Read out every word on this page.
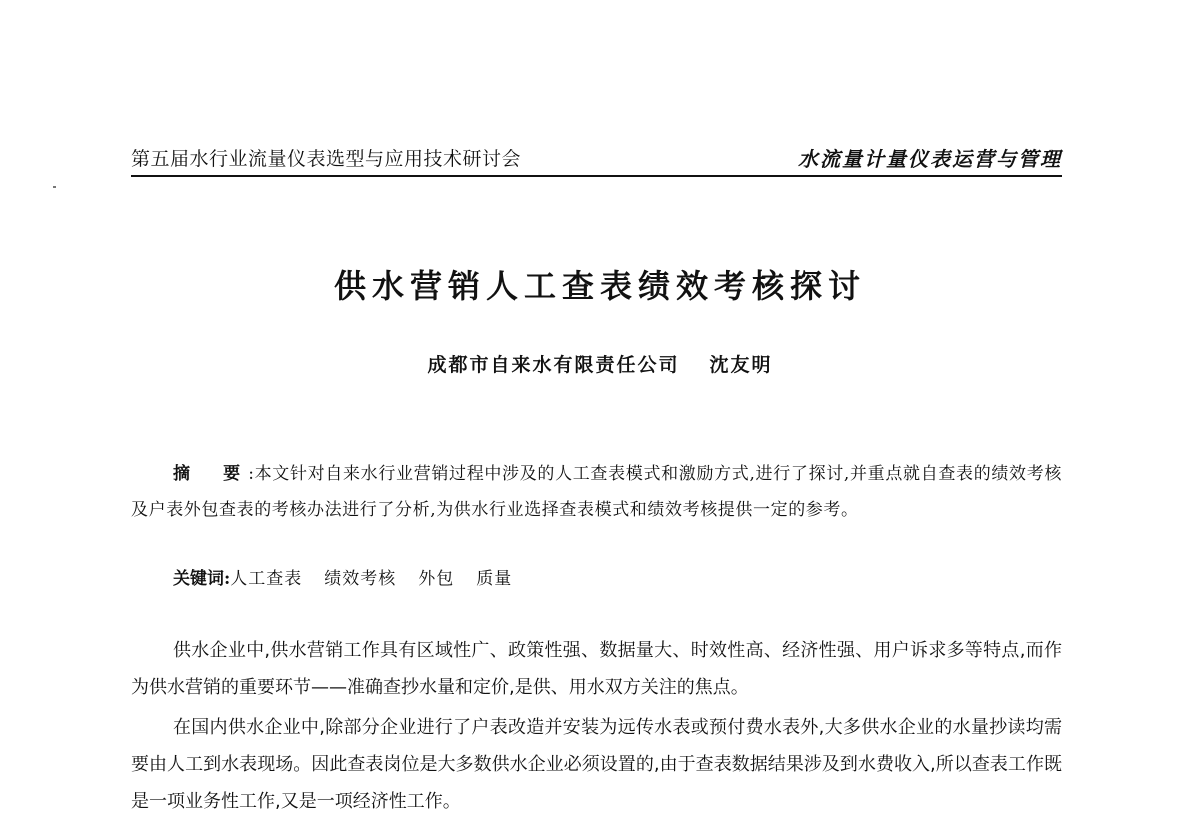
第五届水行业流量仪表选型与应用技术研讨会	水流量计量仪表运营与管理
供水营销人工查表绩效考核探讨
成都市自来水有限责任公司 沈友明
摘　要:本文针对自来水行业营销过程中涉及的人工查表模式和激励方式,进行了探讨,并重点就自查表的绩效考核及户表外包查表的考核办法进行了分析,为供水行业选择查表模式和绩效考核提供一定的参考。
关键词:人工查表 绩效考核 外包 质量

供水企业中,供水营销工作具有区域性广、政策性强、数据量大、时效性高、经济性强、用户诉求多等特点,而作为供水营销的重要环节——准确查抄水量和定价,是供、用水双方关注的焦点。

在国内供水企业中,除部分企业进行了户表改造并安装为远传水表或预付费水表外,大多供水企业的水量抄读均需要由人工到水表现场。因此查表岗位是大多数供水企业必须设置的,由于查表数据结果涉及到水费收入,所以查表工作既是一项业务性工作,又是一项经济性工作。
